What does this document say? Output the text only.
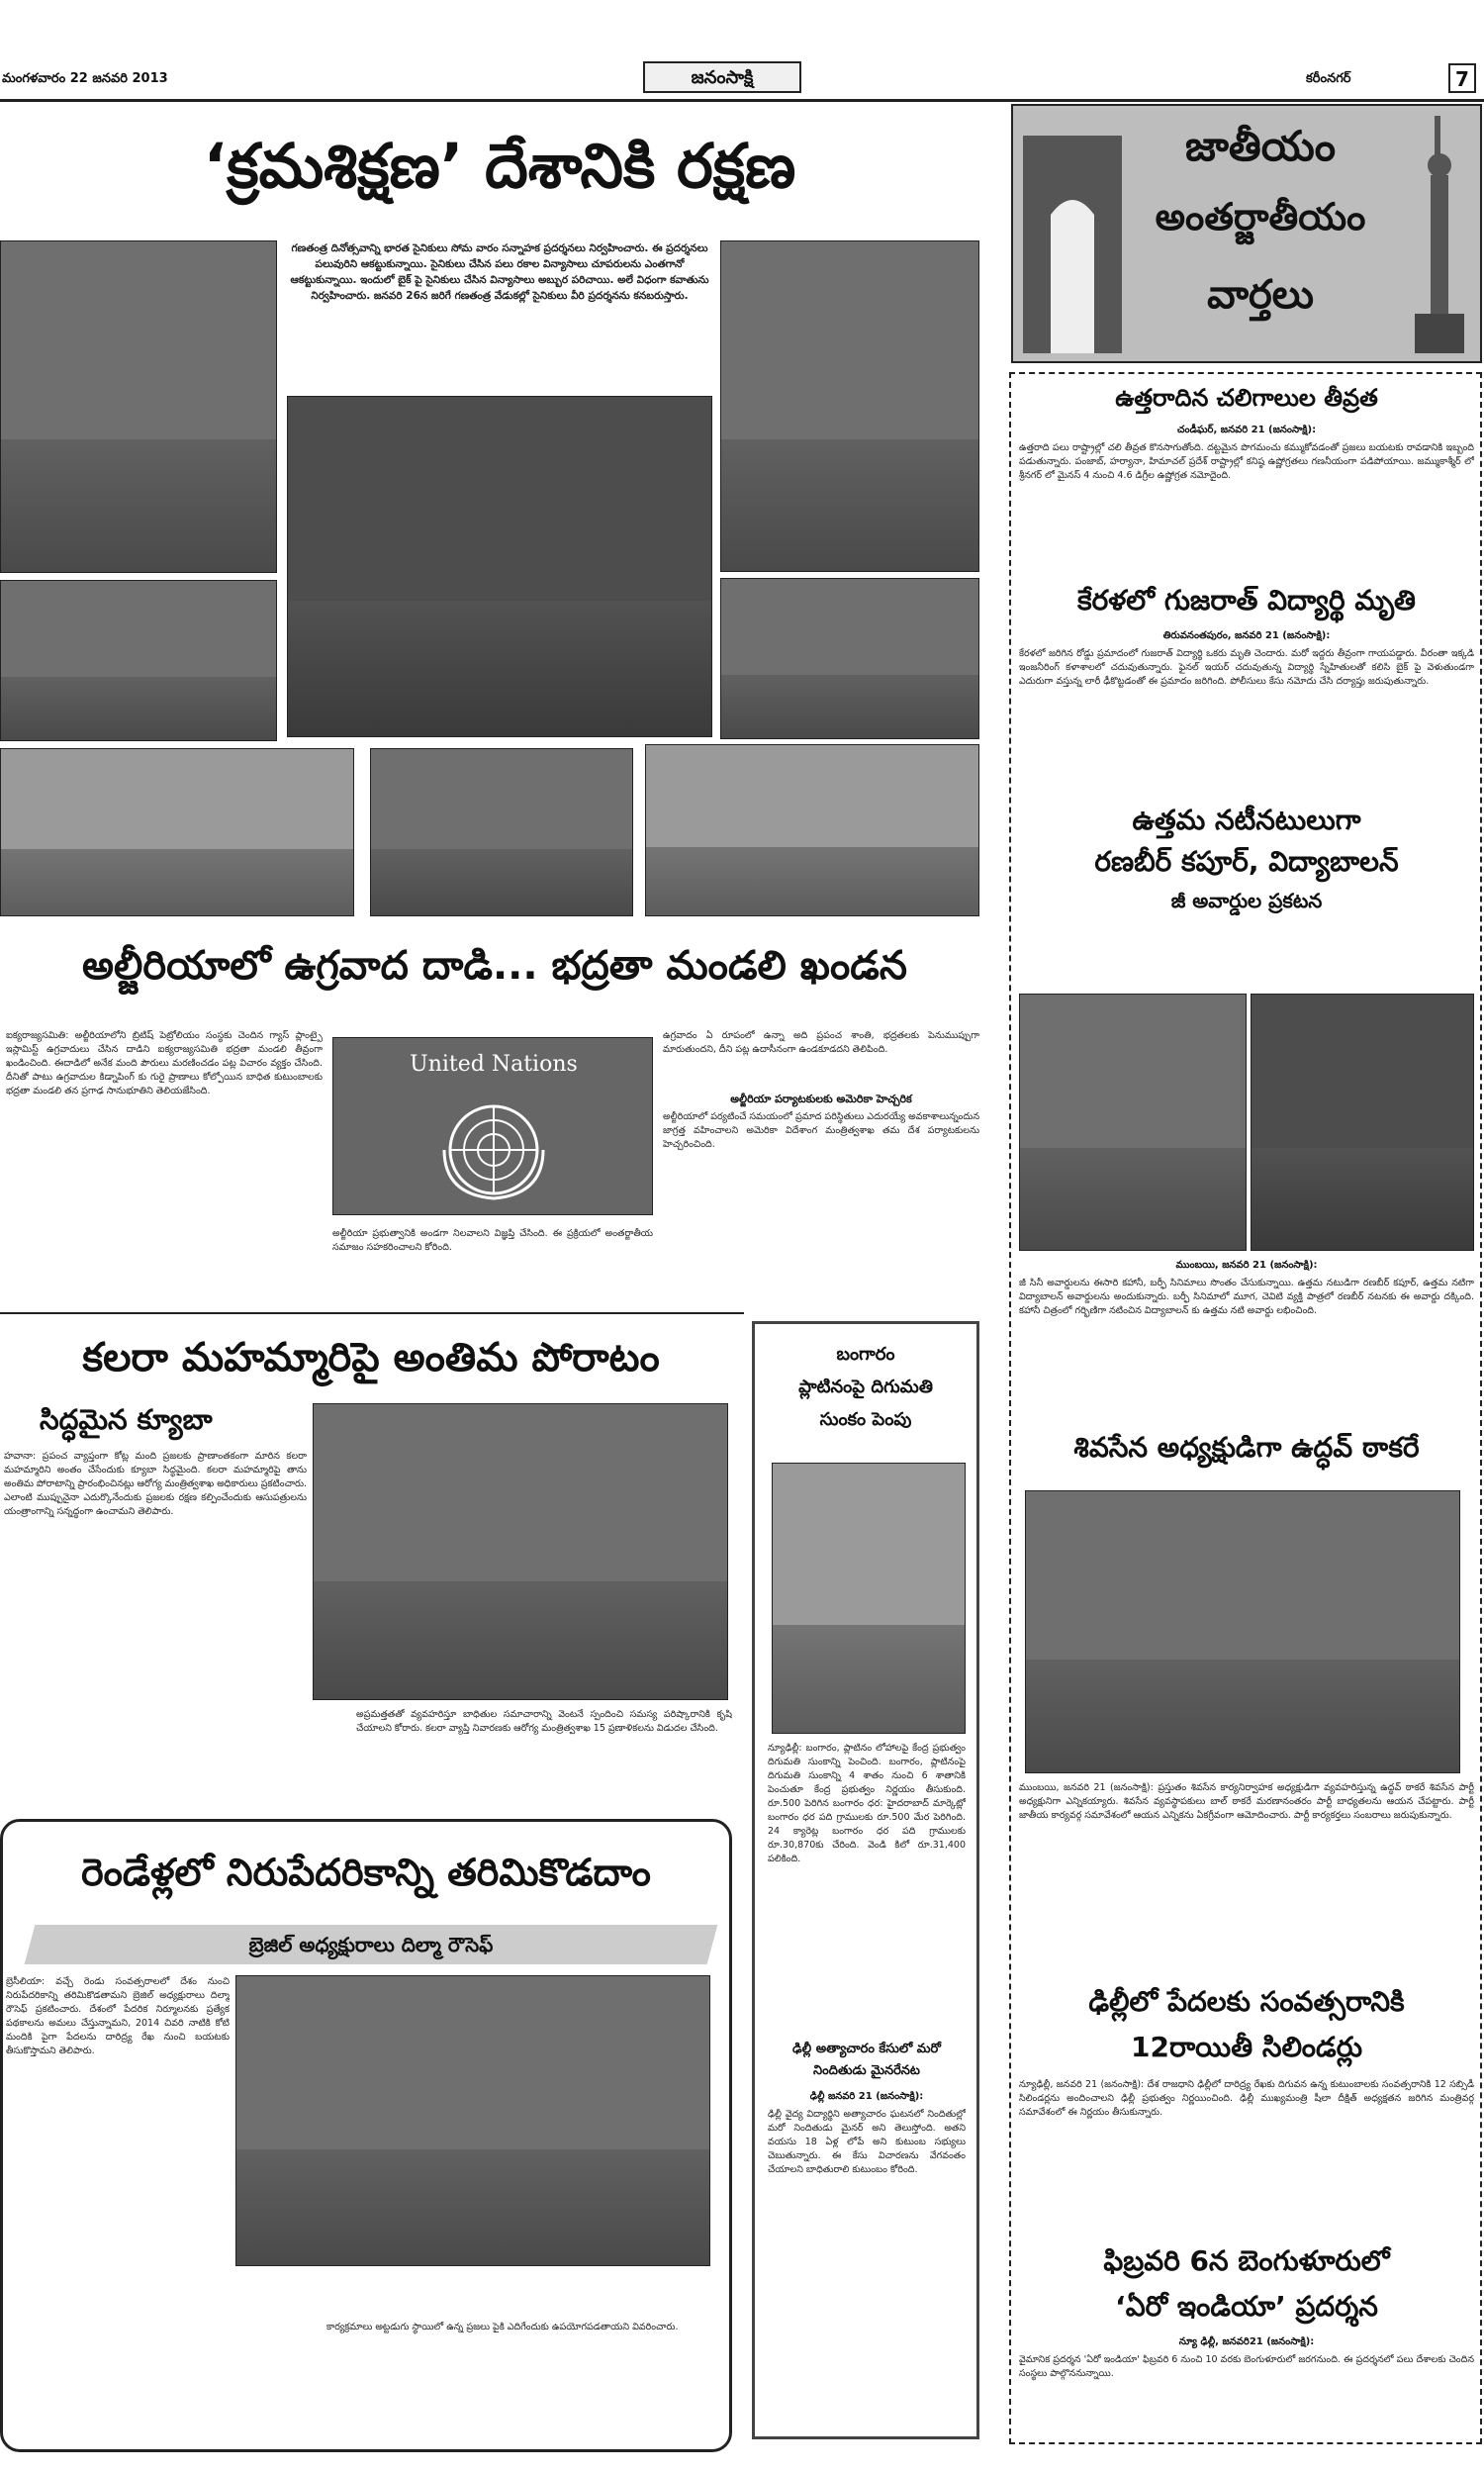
మంగళవారం 22 జనవరి 2013	జనంసాక్షి	కరీంనగర్	7
‘క్రమశిక్షణ’ దేశానికి రక్షణ
గణతంత్ర దినోత్సవాన్ని భారత సైనికులు సోమ వారం సన్నాహక ప్రదర్శనలు నిర్వహించారు. ఈ ప్రదర్శనలు పలువురిని ఆకట్టుకున్నాయి. సైనికులు చేసిన పలు రకాల విన్యాసాలు చూపరులను ఎంతగానో ఆకట్టుకున్నాయి. ఇందులో బైక్ పై సైనికులు చేసిన విన్యాసాలు అబ్బుర పరిచాయి. అలే విధంగా కవాతును నిర్వహించారు. జనవరి 26న జరిగే గణతంత్ర వేడుకల్లో సైనికులు వీరి ప్రదర్శనను కనబరుస్తారు.
అల్జీరియాలో ఉగ్రవాద దాడి... భద్రతా మండలి ఖండన
ఐక్యరాజ్యసమితి: అల్జీరియాలోని బ్రిటిష్ పెట్రోలియం సంస్థకు చెందిన గ్యాస్ ప్లాంట్పై ఇస్లామిస్ట్ ఉగ్రవాదులు చేసిన దాడిని ఐక్యరాజ్యసమితి భద్రతా మండలి తీవ్రంగా ఖండించింది. ఈదాడిలో అనేక మంది పౌరులు మరణించడం పట్ల విచారం వ్యక్తం చేసింది. దీనితో పాటు ఉగ్రవాదుల కిడ్నాపింగ్ కు గురై ప్రాణాలు కోల్పోయిన బాధిత కుటుంబాలకు భద్రతా మండలి తన ప్రగాఢ సానుభూతిని తెలియజేసింది.
United Nations
అల్జీరియా ప్రభుత్వానికి అండగా నిలవాలని విజ్ఞప్తి చేసింది. ఈ ప్రక్రియలో అంతర్జాతీయ సమాజం సహకరించాలని కోరింది.
ఉగ్రవాదం ఏ రూపంలో ఉన్నా అది ప్రపంచ శాంతి, భద్రతలకు పెనుముప్పుగా మారుతుందని, దీని పట్ల ఉదాసీనంగా ఉండకూడదని తెలిపింది.
అల్జీరియా పర్యాటకులకు అమెరికా హెచ్చరిక
అల్జీరియాలో పర్యటించే సమయంలో ప్రమాద పరిస్థితులు ఎదురయ్యే అవకాశాలున్నందున జాగ్రత్త వహించాలని అమెరికా విదేశాంగ మంత్రిత్వశాఖ తమ దేశ పర్యాటకులను హెచ్చరించింది.
కలరా మహమ్మారిపై అంతిమ పోరాటం
సిద్ధమైన క్యూబా
హవానా: ప్రపంచ వ్యాప్తంగా కోట్ల మంది ప్రజలకు ప్రాణాంతకంగా మారిన కలరా మహమ్మారిని అంతం చేసేందుకు క్యూబా సిద్ధమైంది. కలరా మహమ్మారిపై తాను అంతిమ పోరాటాన్ని ప్రారంభించినట్లు ఆరోగ్య మంత్రిత్వశాఖ అధికారులు ప్రకటించారు. ఎలాంటి ముప్పునైనా ఎదుర్కొనేందుకు ప్రజలకు రక్షణ కల్పించేందుకు ఆసుపత్రులను యంత్రాంగాన్ని సన్నద్ధంగా ఉంచామని తెలిపారు.
అప్రమత్తతతో వ్యవహరిస్తూ బాధితుల సమాచారాన్ని వెంటనే స్పందించి సమస్య పరిష్కారానికి కృషి చేయాలని కోరారు. కలరా వ్యాప్తి నివారణకు ఆరోగ్య మంత్రిత్వశాఖ 15 ప్రణాళికలను విడుదల చేసింది.
బంగారం
ప్లాటినంపై దిగుమతి
సుంకం పెంపు
న్యూఢిల్లీ: బంగారం, ప్లాటినం లోహాలపై కేంద్ర ప్రభుత్వం దిగుమతి సుంకాన్ని పెంచింది. బంగారం, ప్లాటినంపై దిగుమతి సుంకాన్ని 4 శాతం నుంచి 6 శాతానికి పెంచుతూ కేంద్ర ప్రభుత్వం నిర్ణయం తీసుకుంది. రూ.500 పెరిగిన బంగారం ధర: హైదరాబాద్ మార్కెట్లో బంగారం ధర పది గ్రాములకు రూ.500 మేర పెరిగింది. 24 క్యారెట్ల బంగారం ధర పది గ్రాములకు రూ.30,870కు చేరింది. వెండి కిలో రూ.31,400 పలికింది.
ఢిల్లీ అత్యాచారం కేసులో మరో నిందితుడు మైనరేనట
ఢిల్లీ జనవరి 21 (జనంసాక్షి):
ఢిల్లీ వైద్య విద్యార్థిని అత్యాచారం ఘటనలో నిందితుల్లో మరో నిందితుడు మైనర్ అని తెలుస్తోంది. అతని వయసు 18 ఏళ్ల లోపే అని కుటుంబ సభ్యులు చెబుతున్నారు. ఈ కేసు విచారణను వేగవంతం చేయాలని బాధితురాలి కుటుంబం కోరింది.
రెండేళ్లలో నిరుపేదరికాన్ని తరిమికొడదాం
బ్రెజిల్ అధ్యక్షురాలు దిల్మా రౌసెఫ్
బ్రెసీలియా: వచ్చే రెండు సంవత్సరాలలో దేశం నుంచి నిరుపేదరికాన్ని తరిమికొడతామని బ్రెజిల్ అధ్యక్షురాలు దిల్మా రౌసెఫ్ ప్రకటించారు. దేశంలో పేదరిక నిర్మూలనకు ప్రత్యేక పథకాలను అమలు చేస్తున్నామని, 2014 చివరి నాటికి కోటి మందికి పైగా పేదలను దారిద్ర్య రేఖ నుంచి బయటకు తీసుకొస్తామని తెలిపారు.
కార్యక్రమాలు అట్టడుగు స్థాయిలో ఉన్న ప్రజలు పైకి ఎదిగేందుకు ఉపయోగపడతాయని వివరించారు.
జాతీయం
అంతర్జాతీయం
వార్తలు
ఉత్తరాదిన చలిగాలుల తీవ్రత
చండీఘర్, జనవరి 21 (జనంసాక్షి):
ఉత్తరాది పలు రాష్ట్రాల్లో చలి తీవ్రత కొనసాగుతోంది. దట్టమైన పొగమంచు కమ్ముకోవడంతో ప్రజలు బయటకు రావడానికి ఇబ్బంది పడుతున్నారు. పంజాబ్, హర్యానా, హిమాచల్ ప్రదేశ్ రాష్ట్రాల్లో కనిష్ఠ ఉష్ణోగ్రతలు గణనీయంగా పడిపోయాయి. జమ్ముకాశ్మీర్ లో శ్రీనగర్ లో మైనస్ 4 నుంచి 4.6 డిగ్రీల ఉష్ణోగ్రత నమోదైంది.
కేరళలో గుజరాత్ విద్యార్థి మృతి
తిరువనంతపురం, జనవరి 21 (జనంసాక్షి):
కేరళలో జరిగిన రోడ్డు ప్రమాదంలో గుజరాత్ విద్యార్థి ఒకరు మృతి చెందారు. మరో ఇద్దరు తీవ్రంగా గాయపడ్డారు. వీరంతా ఇక్కడి ఇంజనీరింగ్ కళాశాలలో చదువుతున్నారు. ఫైనల్ ఇయర్ చదువుతున్న విద్యార్థి స్నేహితులతో కలిసి బైక్ పై వెళుతుండగా ఎదురుగా వస్తున్న లారీ ఢీకొట్టడంతో ఈ ప్రమాదం జరిగింది. పోలీసులు కేసు నమోదు చేసి దర్యాప్తు జరుపుతున్నారు.
ఉత్తమ నటీనటులుగా
రణబీర్ కపూర్, విద్యాబాలన్
జీ అవార్డుల ప్రకటన
ముంబయి, జనవరి 21 (జనంసాక్షి):
జీ సినీ అవార్డులను ఈసారి కహానీ, బర్ఫీ సినిమాలు సొంతం చేసుకున్నాయి. ఉత్తమ నటుడిగా రణబీర్ కపూర్, ఉత్తమ నటిగా విద్యాబాలన్ అవార్డులను అందుకున్నారు. బర్ఫీ సినిమాలో మూగ, చెవిటి వ్యక్తి పాత్రలో రణబీర్ నటనకు ఈ అవార్డు దక్కింది. కహానీ చిత్రంలో గర్భిణిగా నటించిన విద్యాబాలన్ కు ఉత్తమ నటి అవార్డు లభించింది.
శివసేన అధ్యక్షుడిగా ఉద్ధవ్ ఠాకరే
ముంబయి, జనవరి 21 (జనంసాక్షి): ప్రస్తుతం శివసేన కార్యనిర్వాహక అధ్యక్షుడిగా వ్యవహరిస్తున్న ఉద్ధవ్ ఠాకరే శివసేన పార్టీ అధ్యక్షునిగా ఎన్నికయ్యారు. శివసేన వ్యవస్థాపకులు బాల్ ఠాకరే మరణానంతరం పార్టీ బాధ్యతలను ఆయన చేపట్టారు. పార్టీ జాతీయ కార్యవర్గ సమావేశంలో ఆయన ఎన్నికను ఏకగ్రీవంగా ఆమోదించారు. పార్టీ కార్యకర్తలు సంబరాలు జరుపుకున్నారు.
ఢిల్లీలో పేదలకు సంవత్సరానికి
12రాయితీ సిలిండర్లు
న్యూఢిల్లీ, జనవరి 21 (జనంసాక్షి): దేశ రాజధాని ఢిల్లీలో దారిద్ర్య రేఖకు దిగువన ఉన్న కుటుంబాలకు సంవత్సరానికి 12 సబ్సిడీ సిలిండర్లను అందించాలని ఢిల్లీ ప్రభుత్వం నిర్ణయించింది. ఢిల్లీ ముఖ్యమంత్రి షీలా దీక్షిత్ అధ్యక్షతన జరిగిన మంత్రివర్గ సమావేశంలో ఈ నిర్ణయం తీసుకున్నారు.
ఫిబ్రవరి 6న బెంగుళూరులో
‘ఏరో ఇండియా’ ప్రదర్శన
న్యూ ఢిల్లీ, జనవరి21 (జనంసాక్షి):
వైమానిక ప్రదర్శన 'ఏరో ఇండియా' ఫిబ్రవరి 6 నుంచి 10 వరకు బెంగుళూరులో జరగనుంది. ఈ ప్రదర్శనలో పలు దేశాలకు చెందిన సంస్థలు పాల్గొననున్నాయి.
